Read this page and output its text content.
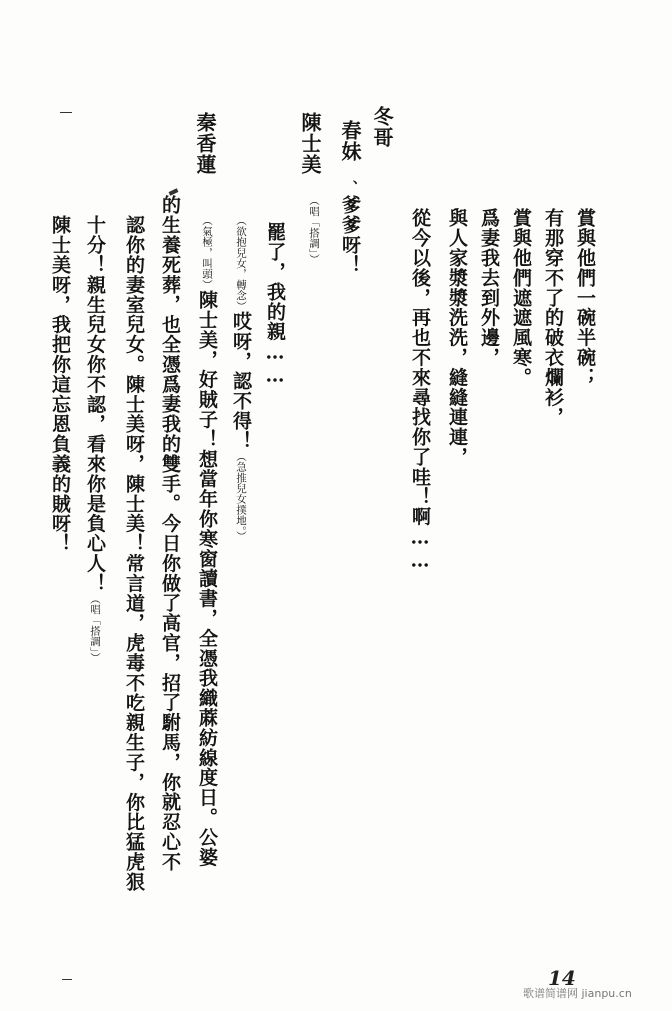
賞與他們一碗半碗；
有那穿不了的破衣爛衫，
賞與他們遮遮風寒。
爲妻我去到外邊，
與人家漿漿洗洗，縫縫連連，
從今以後，再也不來尋找你了哇！啊……
冬哥
春妹
、爹爹呀！
陳士美
（唱「搭調」）
罷了，我的親……
（欲抱兒女，轉念）哎呀，認不得！（急推兒女撲地。）
秦香蓮
（氣極，叫頭）陳士美，好賊子！想當年你寒窗讀書，全憑我織蔴紡線度日。公婆
的生養死葬，也全憑爲妻我的雙手。今日你做了高官，招了駙馬，你就忍心不
認你的妻室兒女。陳士美呀，陳士美！常言道，虎毒不吃親生子，你比猛虎狠
十分！親生兒女你不認，看來你是負心人！（唱「搭調」）
陳士美呀，我把你這忘恩負義的賊呀！
14
歌谱简谱网 jianpu.cn
